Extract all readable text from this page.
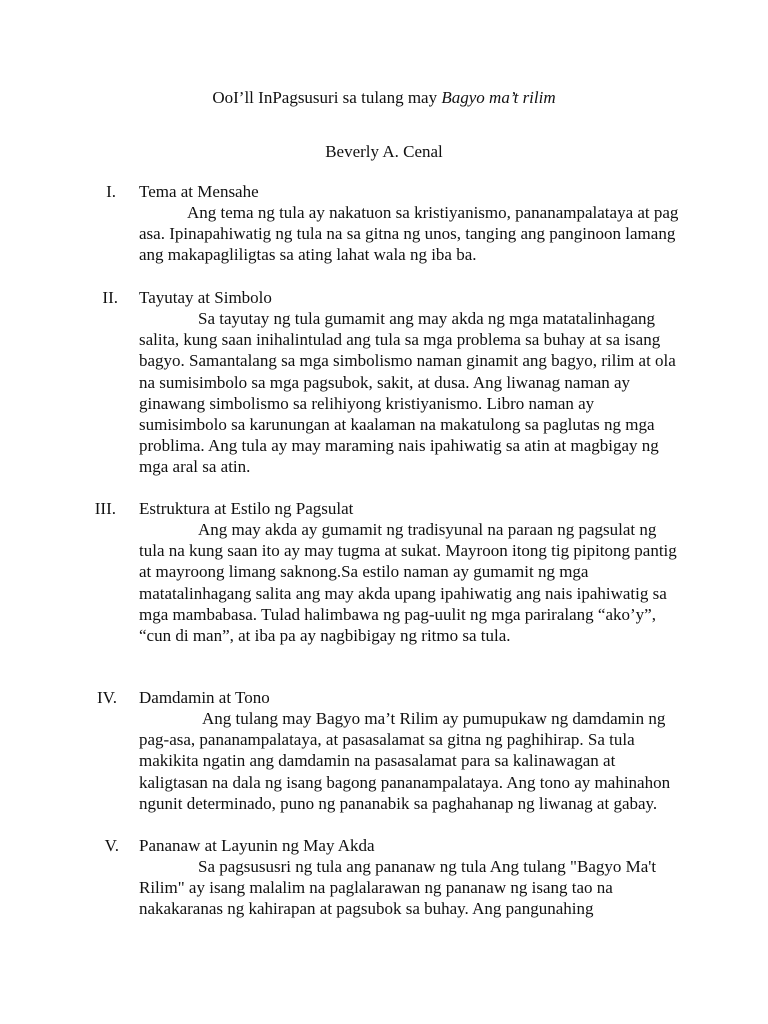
OoI’ll InPagsusuri sa tulang may Bagyo ma’t rilim
Beverly A. Cenal
I. Tema at Mensahe

Ang tema ng tula ay nakatuon sa kristiyanismo, pananampalataya at pag asa. Ipinapahiwatig ng tula na sa gitna ng unos, tanging ang panginoon lamang ang makapagliligtas sa ating lahat wala ng iba ba.

II. Tayutay at Simbolo

Sa tayutay ng tula gumamit ang may akda ng mga matatalinhagang salita, kung saan inihalintulad ang tula sa mga problema sa buhay at sa isang bagyo. Samantalang sa mga simbolismo naman ginamit ang bagyo, rilim at ola na sumisimbolo sa mga pagsubok, sakit, at dusa. Ang liwanag naman ay ginawang simbolismo sa relihiyong kristiyanismo. Libro naman ay sumisimbolo sa karunungan at kaalaman na makatulong sa paglutas ng mga problima. Ang tula ay may maraming nais ipahiwatig sa atin at magbigay ng mga aral sa atin.

III. Estruktura at Estilo ng Pagsulat

Ang may akda ay gumamit ng tradisyunal na paraan ng pagsulat ng tula na kung saan ito ay may tugma at sukat. Mayroon itong tig pipitong pantig at mayroong limang saknong.Sa estilo naman ay gumamit ng mga matatalinhagang salita ang may akda upang ipahiwatig ang nais ipahiwatig sa mga mambabasa. Tulad halimbawa ng pag-uulit ng mga pariralang “ako’y”, “cun di man”, at iba pa ay nagbibigay ng ritmo sa tula.

IV. Damdamin at Tono

Ang tulang may Bagyo ma’t Rilim ay pumupukaw ng damdamin ng pag-asa, pananampalataya, at pasasalamat sa gitna ng paghihirap. Sa tula makikita ngatin ang damdamin na pasasalamat para sa kalinawagan at kaligtasan na dala ng isang bagong pananampalataya. Ang tono ay mahinahon ngunit determinado, puno ng pananabik sa paghahanap ng liwanag at gabay.

V. Pananaw at Layunin ng May Akda

Sa pagsususri ng tula ang pananaw ng tula Ang tulang "Bagyo Ma't Rilim" ay isang malalim na paglalarawan ng pananaw ng isang tao na nakakaranas ng kahirapan at pagsubok sa buhay. Ang pangunahing
